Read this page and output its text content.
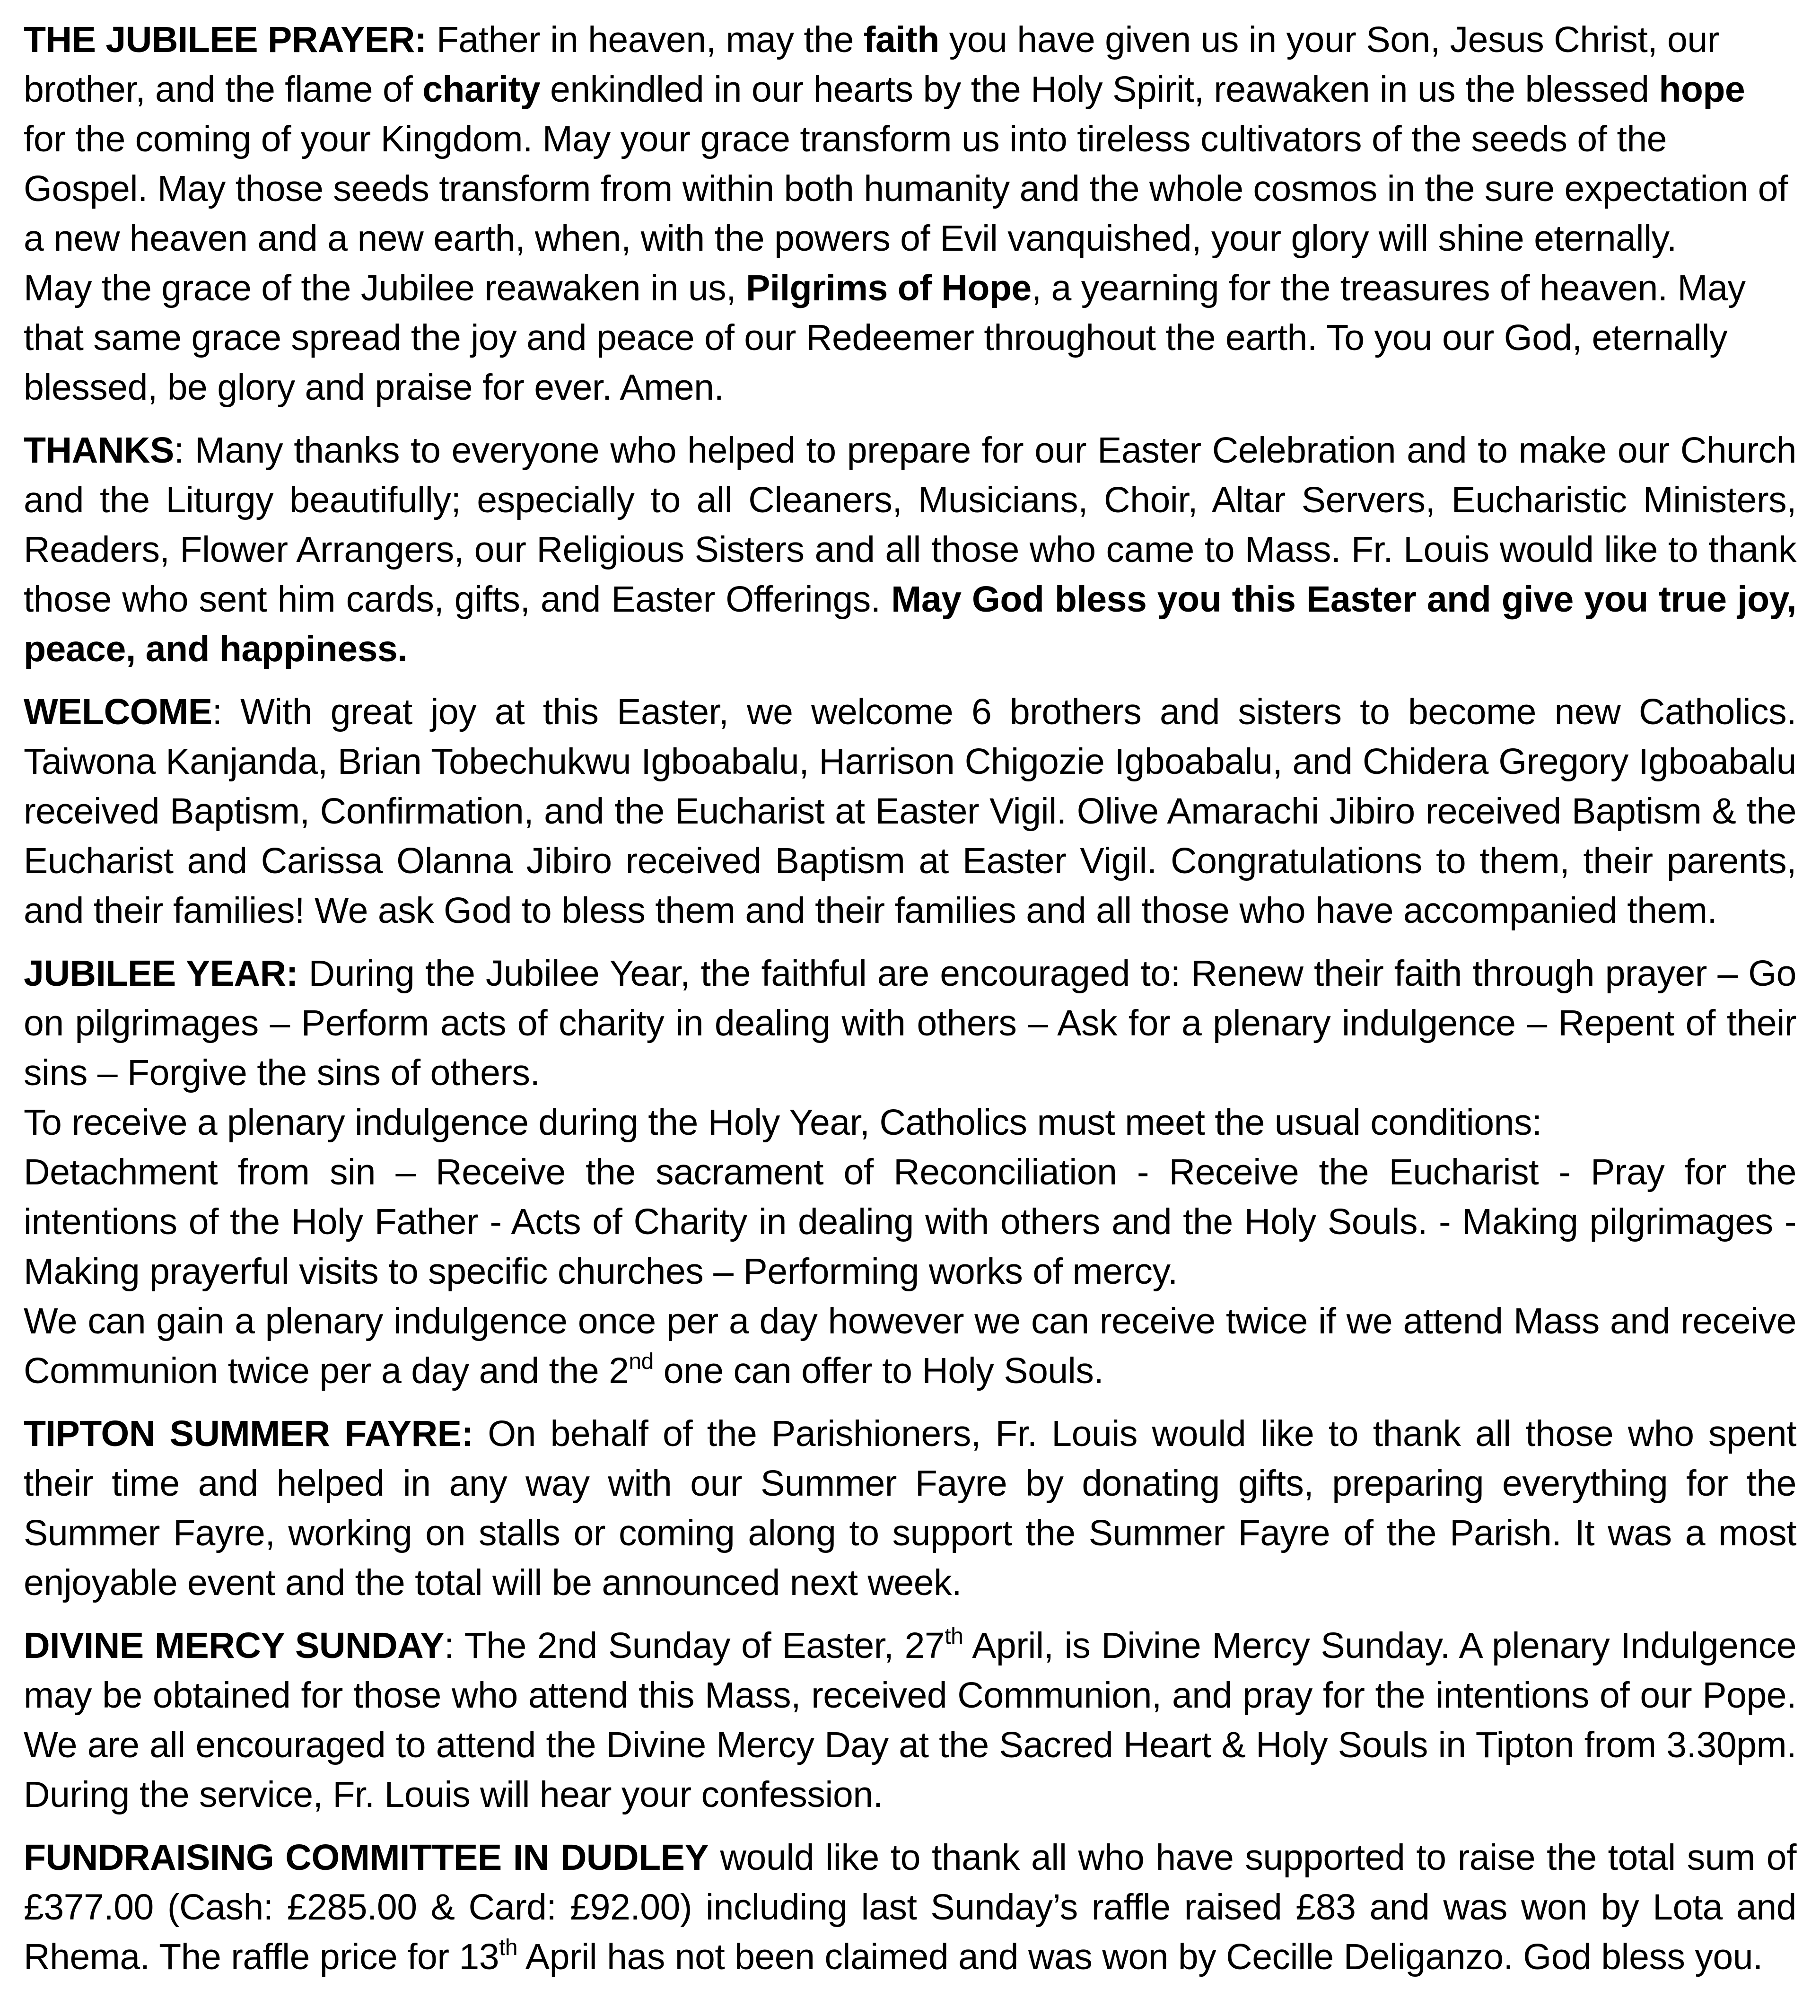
THE JUBILEE PRAYER: Father in heaven, may the faith you have given us in your Son, Jesus Christ, our brother, and the flame of charity enkindled in our hearts by the Holy Spirit, reawaken in us the blessed hope for the coming of your Kingdom. May your grace transform us into tireless cultivators of the seeds of the Gospel. May those seeds transform from within both humanity and the whole cosmos in the sure expectation of a new heaven and a new earth, when, with the powers of Evil vanquished, your glory will shine eternally.

May the grace of the Jubilee reawaken in us, Pilgrims of Hope, a yearning for the treasures of heaven. May that same grace spread the joy and peace of our Redeemer throughout the earth. To you our God, eternally blessed, be glory and praise for ever. Amen.

THANKS: Many thanks to everyone who helped to prepare for our Easter Celebration and to make our Church and the Liturgy beautifully; especially to all Cleaners, Musicians, Choir, Altar Servers, Eucharistic Ministers, Readers, Flower Arrangers, our Religious Sisters and all those who came to Mass. Fr. Louis would like to thank those who sent him cards, gifts, and Easter Offerings. May God bless you this Easter and give you true joy, peace, and happiness.

WELCOME: With great joy at this Easter, we welcome 6 brothers and sisters to become new Catholics. Taiwona Kanjanda, Brian Tobechukwu Igboabalu, Harrison Chigozie Igboabalu, and Chidera Gregory Igboabalu received Baptism, Confirmation, and the Eucharist at Easter Vigil. Olive Amarachi Jibiro received Baptism & the Eucharist and Carissa Olanna Jibiro received Baptism at Easter Vigil. Congratulations to them, their parents, and their families! We ask God to bless them and their families and all those who have accompanied them.

JUBILEE YEAR: During the Jubilee Year, the faithful are encouraged to: Renew their faith through prayer – Go on pilgrimages – Perform acts of charity in dealing with others – Ask for a plenary indulgence – Repent of their sins – Forgive the sins of others.

To receive a plenary indulgence during the Holy Year, Catholics must meet the usual conditions:

Detachment from sin – Receive the sacrament of Reconciliation - Receive the Eucharist - Pray for the intentions of the Holy Father - Acts of Charity in dealing with others and the Holy Souls. - Making pilgrimages - Making prayerful visits to specific churches – Performing works of mercy.

We can gain a plenary indulgence once per a day however we can receive twice if we attend Mass and receive Communion twice per a day and the 2nd one can offer to Holy Souls.

TIPTON SUMMER FAYRE: On behalf of the Parishioners, Fr. Louis would like to thank all those who spent their time and helped in any way with our Summer Fayre by donating gifts, preparing everything for the Summer Fayre, working on stalls or coming along to support the Summer Fayre of the Parish. It was a most enjoyable event and the total will be announced next week.

DIVINE MERCY SUNDAY: The 2nd Sunday of Easter, 27th April, is Divine Mercy Sunday. A plenary Indulgence may be obtained for those who attend this Mass, received Communion, and pray for the intentions of our Pope. We are all encouraged to attend the Divine Mercy Day at the Sacred Heart & Holy Souls in Tipton from 3.30pm. During the service, Fr. Louis will hear your confession.

FUNDRAISING COMMITTEE IN DUDLEY would like to thank all who have supported to raise the total sum of £377.00 (Cash: £285.00 & Card: £92.00) including last Sunday’s raffle raised £83 and was won by Lota and Rhema. The raffle price for 13th April has not been claimed and was won by Cecille Deliganzo. God bless you.
